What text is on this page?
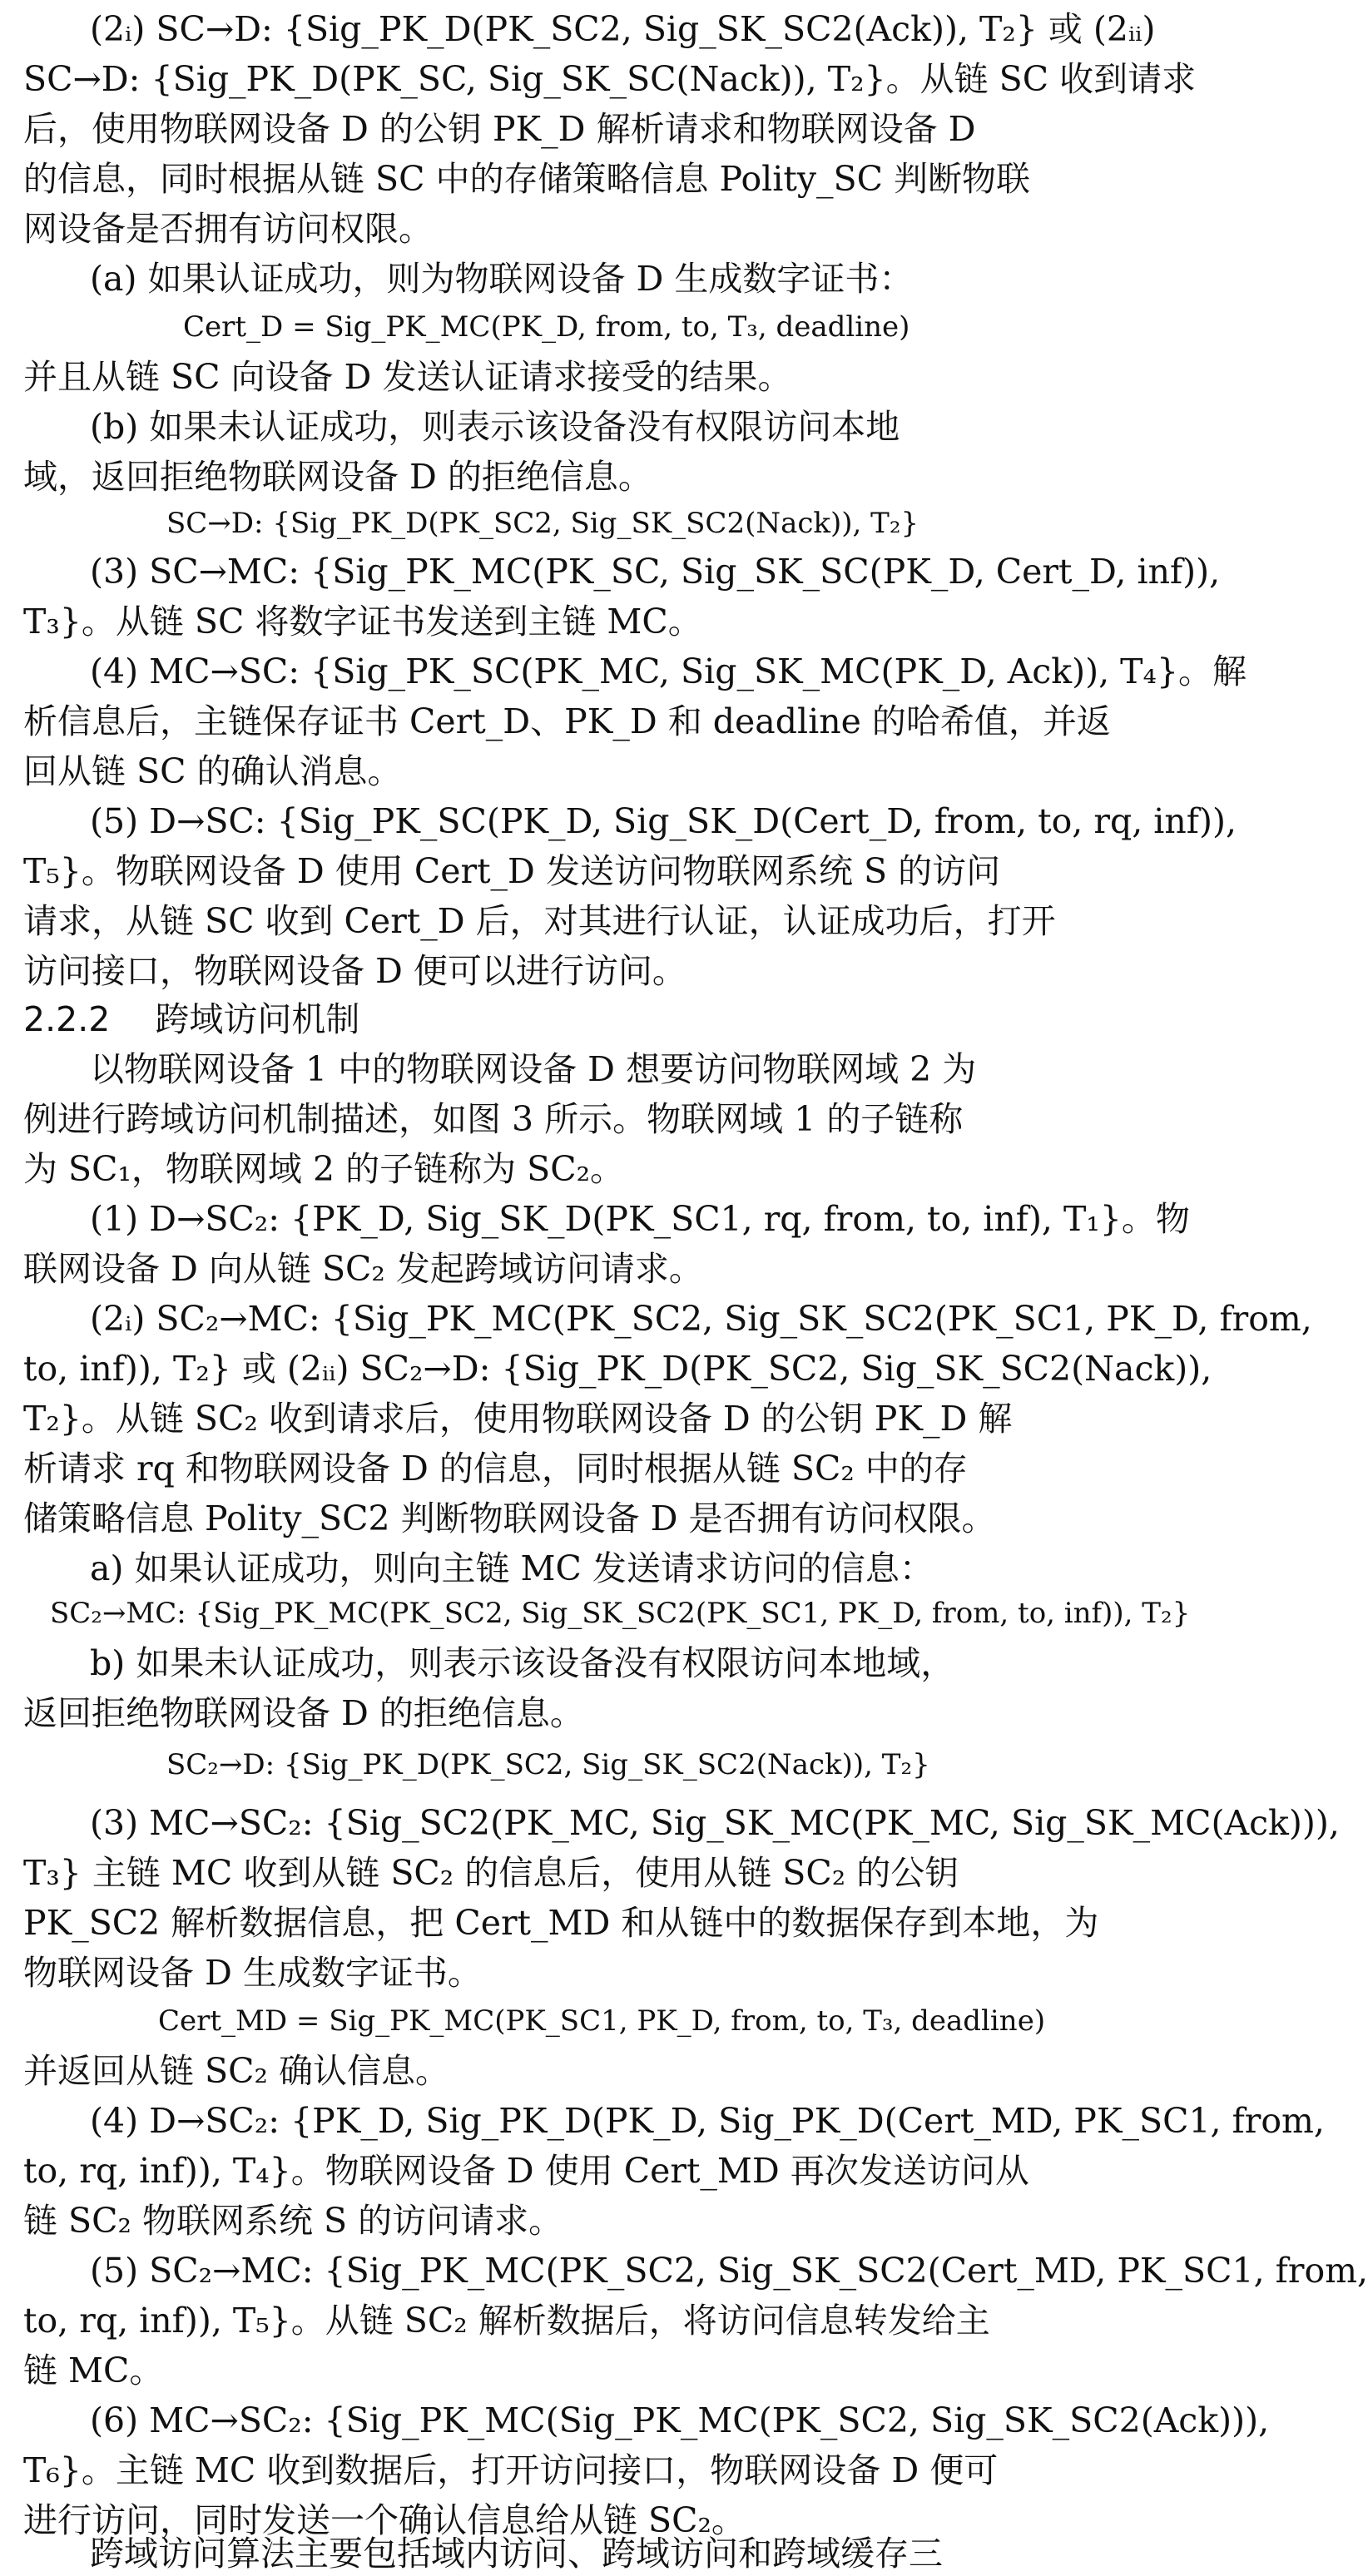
(2ᵢ) SC→D: {Sig_PK_D(PK_SC2, Sig_SK_SC2(Ack)), T₂} 或 (2ᵢᵢ)
SC→D: {Sig_PK_D(PK_SC, Sig_SK_SC(Nack)), T₂}。从链 SC 收到请求
后，使用物联网设备 D 的公钥 PK_D 解析请求和物联网设备 D
的信息，同时根据从链 SC 中的存储策略信息 Polity_SC 判断物联
网设备是否拥有访问权限。
(a) 如果认证成功，则为物联网设备 D 生成数字证书：
Cert_D = Sig_PK_MC(PK_D, from, to, T₃, deadline)
并且从链 SC 向设备 D 发送认证请求接受的结果。
(b) 如果未认证成功，则表示该设备没有权限访问本地
域，返回拒绝物联网设备 D 的拒绝信息。
SC→D: {Sig_PK_D(PK_SC2, Sig_SK_SC2(Nack)), T₂}
(3) SC→MC: {Sig_PK_MC(PK_SC, Sig_SK_SC(PK_D, Cert_D, inf)),
T₃}。从链 SC 将数字证书发送到主链 MC。
(4) MC→SC: {Sig_PK_SC(PK_MC, Sig_SK_MC(PK_D, Ack)), T₄}。解
析信息后，主链保存证书 Cert_D、PK_D 和 deadline 的哈希值，并返
回从链 SC 的确认消息。
(5) D→SC: {Sig_PK_SC(PK_D, Sig_SK_D(Cert_D, from, to, rq, inf)),
T₅}。物联网设备 D 使用 Cert_D 发送访问物联网系统 S 的访问
请求，从链 SC 收到 Cert_D 后，对其进行认证，认证成功后，打开
访问接口，物联网设备 D 便可以进行访问。
2.2.2 跨域访问机制
以物联网设备 1 中的物联网设备 D 想要访问物联网域 2 为
例进行跨域访问机制描述，如图 3 所示。物联网域 1 的子链称
为 SC₁，物联网域 2 的子链称为 SC₂。
(1) D→SC₂: {PK_D, Sig_SK_D(PK_SC1, rq, from, to, inf), T₁}。物
联网设备 D 向从链 SC₂ 发起跨域访问请求。
(2ᵢ) SC₂→MC: {Sig_PK_MC(PK_SC2, Sig_SK_SC2(PK_SC1, PK_D, from,
to, inf)), T₂} 或 (2ᵢᵢ) SC₂→D: {Sig_PK_D(PK_SC2, Sig_SK_SC2(Nack)),
T₂}。从链 SC₂ 收到请求后，使用物联网设备 D 的公钥 PK_D 解
析请求 rq 和物联网设备 D 的信息，同时根据从链 SC₂ 中的存
储策略信息 Polity_SC2 判断物联网设备 D 是否拥有访问权限。
a) 如果认证成功，则向主链 MC 发送请求访问的信息：
SC₂→MC: {Sig_PK_MC(PK_SC2, Sig_SK_SC2(PK_SC1, PK_D, from, to, inf)), T₂}
b) 如果未认证成功，则表示该设备没有权限访问本地域，
返回拒绝物联网设备 D 的拒绝信息。
SC₂→D: {Sig_PK_D(PK_SC2, Sig_SK_SC2(Nack)), T₂}
(3) MC→SC₂: {Sig_SC2(PK_MC, Sig_SK_MC(PK_MC, Sig_SK_MC(Ack))),
T₃} 主链 MC 收到从链 SC₂ 的信息后，使用从链 SC₂ 的公钥
PK_SC2 解析数据信息，把 Cert_MD 和从链中的数据保存到本地，为
物联网设备 D 生成数字证书。
Cert_MD = Sig_PK_MC(PK_SC1, PK_D, from, to, T₃, deadline)
并返回从链 SC₂ 确认信息。
(4) D→SC₂: {PK_D, Sig_PK_D(PK_D, Sig_PK_D(Cert_MD, PK_SC1, from,
to, rq, inf)), T₄}。物联网设备 D 使用 Cert_MD 再次发送访问从
链 SC₂ 物联网系统 S 的访问请求。
(5) SC₂→MC: {Sig_PK_MC(PK_SC2, Sig_SK_SC2(Cert_MD, PK_SC1, from,
to, rq, inf)), T₅}。从链 SC₂ 解析数据后，将访问信息转发给主
链 MC。
(6) MC→SC₂: {Sig_PK_MC(Sig_PK_MC(PK_SC2, Sig_SK_SC2(Ack))),
T₆}。主链 MC 收到数据后，打开访问接口，物联网设备 D 便可
进行访问，同时发送一个确认信息给从链 SC₂。
跨域访问算法主要包括域内访问、跨域访问和跨域缓存三
